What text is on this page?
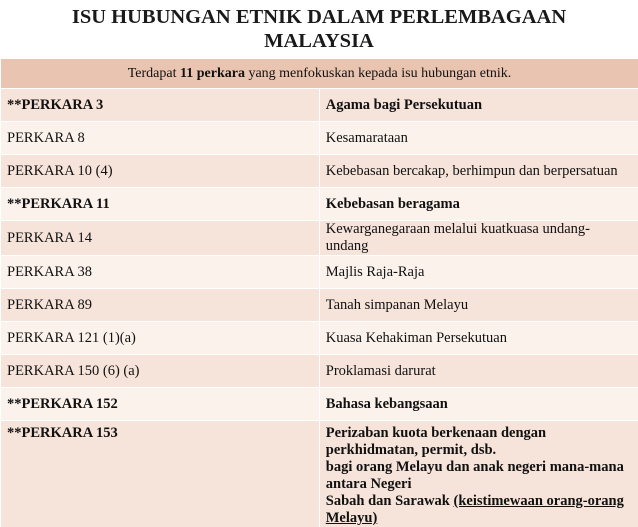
ISU HUBUNGAN ETNIK DALAM PERLEMBAGAAN
MALAYSIA
Terdapat 11 perkara yang menfokuskan kepada isu hubungan etnik.	
**PERKARA 3	Agama bagi Persekutuan
PERKARA 8	Kesamarataan
PERKARA 10 (4)	Kebebasan bercakap, berhimpun dan berpersatuan
**PERKARA 11	Kebebasan beragama
PERKARA 14	Kewarganegaraan melalui kuatkuasa undang-undang
PERKARA 38	Majlis Raja-Raja
PERKARA 89	Tanah simpanan Melayu
PERKARA 121 (1)(a)	Kuasa Kehakiman Persekutuan
PERKARA 150 (6) (a)	Proklamasi darurat
**PERKARA 152	Bahasa kebangsaan
**PERKARA 153	Perizaban kuota berkenaan dengan perkhidmatan, permit, dsb.
bagi orang Melayu dan anak negeri mana-mana antara Negeri
Sabah dan Sarawak (keistimewaan orang-orang Melayu)
